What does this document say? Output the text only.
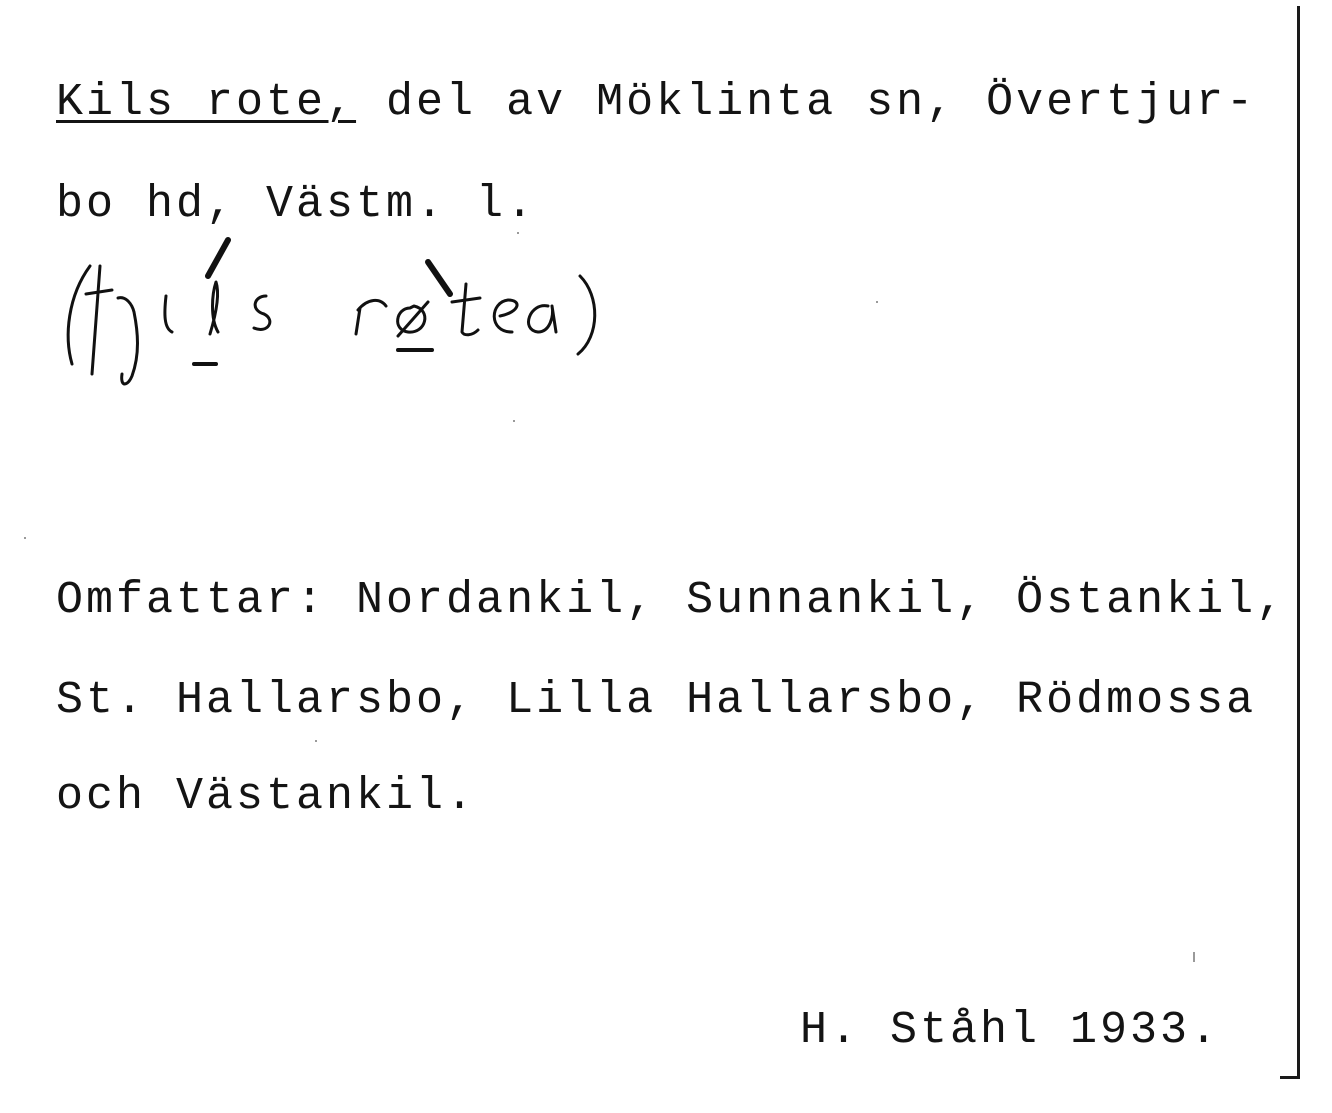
Kils rote, del av Möklinta sn, Övertjur-
bo hd, Västm. l.
Omfattar: Nordankil, Sunnankil, Östankil,
St. Hallarsbo, Lilla Hallarsbo, Rödmossa
och Västankil.
H. Ståhl 1933.
